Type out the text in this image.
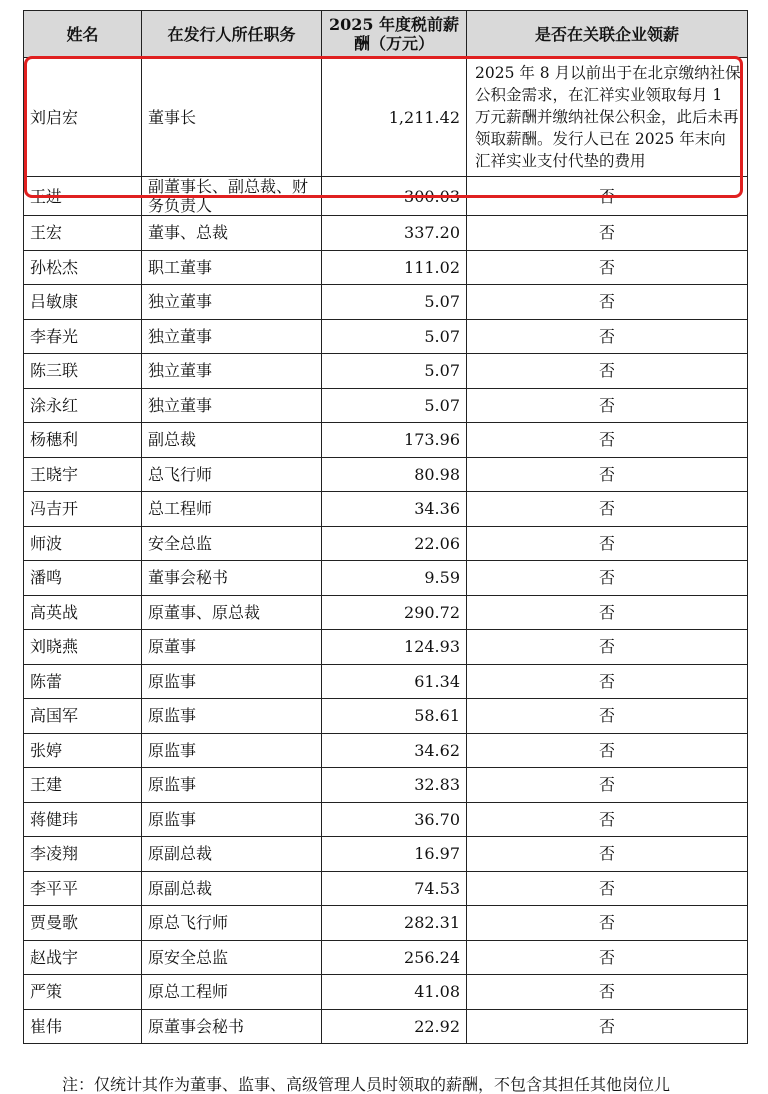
姓名	在发行人所任职务	2025 年度税前薪酬（万元）	是否在关联企业领薪
刘启宏	董事长	1,211.42	2025 年 8 月以前出于在北京缴纳社保公积金需求，在汇祥实业领取每月 1 万元薪酬并缴纳社保公积金，此后未再领取薪酬。发行人已在 2025 年末向汇祥实业支付代垫的费用
王进	副董事长、副总裁、财务负责人	300.03	否
王宏	董事、总裁	337.20	否
孙松杰	职工董事	111.02	否
吕敏康	独立董事	5.07	否
李春光	独立董事	5.07	否
陈三联	独立董事	5.07	否
涂永红	独立董事	5.07	否
杨穗利	副总裁	173.96	否
王晓宇	总飞行师	80.98	否
冯吉开	总工程师	34.36	否
师波	安全总监	22.06	否
潘鸣	董事会秘书	9.59	否
高英战	原董事、原总裁	290.72	否
刘晓燕	原董事	124.93	否
陈蕾	原监事	61.34	否
高国军	原监事	58.61	否
张婷	原监事	34.62	否
王建	原监事	32.83	否
蒋健玮	原监事	36.70	否
李凌翔	原副总裁	16.97	否
李平平	原副总裁	74.53	否
贾曼歌	原总飞行师	282.31	否
赵战宇	原安全总监	256.24	否
严策	原总工程师	41.08	否
崔伟	原董事会秘书	22.92	否
注：仅统计其作为董事、监事、高级管理人员时领取的薪酬，不包含其担任其他岗位儿
